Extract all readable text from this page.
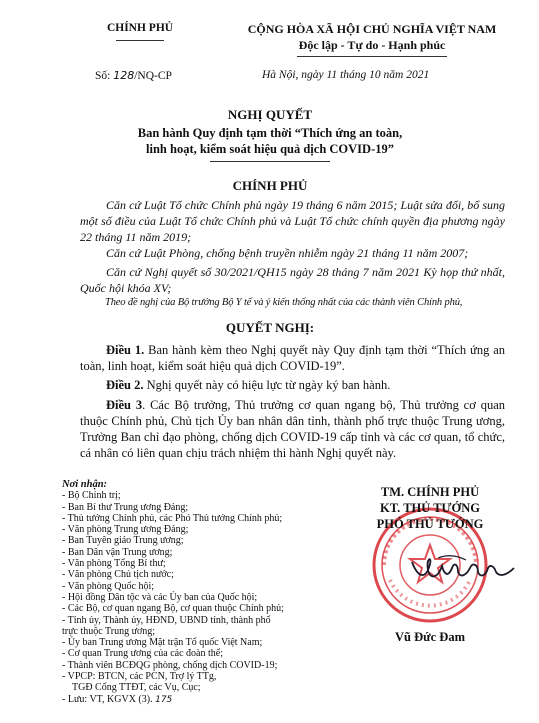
CHÍNH PHỦ	CỘNG HÒA XÃ HỘI CHỦ NGHĨA VIỆT NAM
Độc lập - Tự do - Hạnh phúc
Số: 128/NQ-CP	Hà Nội, ngày 11 tháng 10 năm 2021
NGHỊ QUYẾT
Ban hành Quy định tạm thời “Thích ứng an toàn,
linh hoạt, kiểm soát hiệu quả dịch COVID-19”
CHÍNH PHỦ
Căn cứ Luật Tổ chức Chính phủ ngày 19 tháng 6 năm 2015; Luật sửa đổi, bổ sung một số điều của Luật Tổ chức Chính phủ và Luật Tổ chức chính quyền địa phương ngày 22 tháng 11 năm 2019;
Căn cứ Luật Phòng, chống bệnh truyền nhiễm ngày 21 tháng 11 năm 2007;
Căn cứ Nghị quyết số 30/2021/QH15 ngày 28 tháng 7 năm 2021 Kỳ họp thứ nhất, Quốc hội khóa XV;
Theo đề nghị của Bộ trưởng Bộ Y tế và ý kiến thống nhất của các thành viên Chính phủ,
QUYẾT NGHỊ:
Điều 1. Ban hành kèm theo Nghị quyết này Quy định tạm thời “Thích ứng an toàn, linh hoạt, kiểm soát hiệu quả dịch COVID-19”.
Điều 2. Nghị quyết này có hiệu lực từ ngày ký ban hành.
Điều 3. Các Bộ trưởng, Thủ trưởng cơ quan ngang bộ, Thủ trưởng cơ quan thuộc Chính phủ, Chủ tịch Ủy ban nhân dân tỉnh, thành phố trực thuộc Trung ương, Trưởng Ban chỉ đạo phòng, chống dịch COVID-19 cấp tỉnh và các cơ quan, tổ chức, cá nhân có liên quan chịu trách nhiệm thi hành Nghị quyết này.
Nơi nhận:
- Bộ Chính trị;
- Ban Bí thư Trung ương Đảng;
- Thủ tướng Chính phủ, các Phó Thủ tướng Chính phủ;
- Văn phòng Trung ương Đảng;
- Ban Tuyên giáo Trung ương;
- Ban Dân vận Trung ương;
- Văn phòng Tổng Bí thư;
- Văn phòng Chủ tịch nước;
- Văn phòng Quốc hội;
- Hội đồng Dân tộc và các Ủy ban của Quốc hội;
- Các Bộ, cơ quan ngang Bộ, cơ quan thuộc Chính phủ;
- Tỉnh ủy, Thành ủy, HĐND, UBND tỉnh, thành phố
trực thuộc Trung ương;
- Ủy ban Trung ương Mặt trận Tổ quốc Việt Nam;
- Cơ quan Trung ương của các đoàn thể;
- Thành viên BCĐQG phòng, chống dịch COVID-19;
- VPCP: BTCN, các PCN, Trợ lý TTg,
TGĐ Cổng TTĐT, các Vụ, Cục;
- Lưu: VT, KGVX (3). 175
TM. CHÍNH PHỦ
KT. THỦ TƯỚNG
PHÓ THỦ TƯỚNG
Vũ Đức Đam
